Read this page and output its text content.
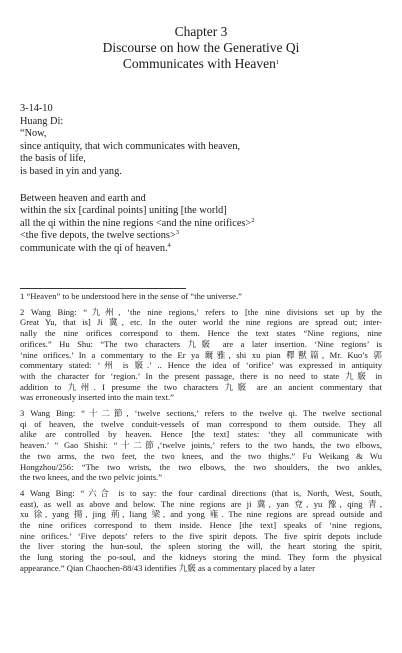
Chapter 3
Discourse on how the Generative Qi
Communicates with Heaven$^1$
3-14-10
Huang Di:
“Now,
since antiquity, that wich communicates with heaven,
the basis of life,
is based in yin and yang.
Between heaven and earth and
within the six [cardinal points] uniting [the world]
all the qi within the nine regions <and the nine orifices>$^2$
<the five depots, the twelve sections>$^3$
communicate with the qi of heaven.$^4$
1 “Heaven” to be understood here in the sense of “the universe.”
2 Wang Bing: “九州, ‘the nine regions,’ refers to [the nine divisions set up by the
Great Yu, that is] Ji 冀, etc. In the outer world the nine regions are spread out; inter-
nally the nine orifices correspond to them. Hence the text states “Nine regions, nine
orifices.” Hu Shu: “The two characters 九竅 are a later insertion. ‘Nine regions’ is
‘nine orifices.’ In a commentary to the Er ya 爾雅, shi xu pian 釋獸篇, Mr. Kuo’s 郭
commentary stated: ‘州 is 竅.’ .. Hence the idea of ‘orifice’ was expressed in antiquity
with the character for ‘region.’ In the present passage, there is no need to state 九竅 in
addition to 九州. I presume the two characters 九竅 are an ancient commentary that
was erroneously inserted into the main text.”
3 Wang Bing: “十二節, ‘twelve sections,’ refers to the twelve qi. The twelve sectional
qi of heaven, the twelve conduit-vessels of man correspond to them outside. They all
alike are controlled by heaven. Hence [the text] states: ‘they all communicate with
heaven.’ ” Gao Shishi: “十二節,‘twelve joints,’ refers to the two hands, the two elbows,
the two arms, the two feet, the two knees, and the two thighs.” Fu Weikang & Wu
Hongzhou/256: “The two wrists, the two elbows, the two shoulders, the two ankles,
the two knees, and the two pelvic joints.”
4 Wang Bing: “六合 is to say: the four cardinal directions (that is, North, West, South,
east), as well as above and below. The nine regions are ji 冀, yan 兗, yu 豫, qing 青,
xu 徐, yang 揚, jing 荊, liang 梁, and yong 雍. The nine regions are spread outside and
the nine orifices correspond to them inside. Hence [the text] speaks of ‘nine regions,
nine orifices.’ ‘Five depots’ refers to the five spirit depots. The five spirit depots include
the liver storing the hun-soul, the spleen storing the will, the heart storing the spirit,
the lung storing the po-soul, and the kidneys storing the mind. They form the physical
appearance.” Qian Chaochen-88/43 identifies 九竅 as a commentary placed by a later
